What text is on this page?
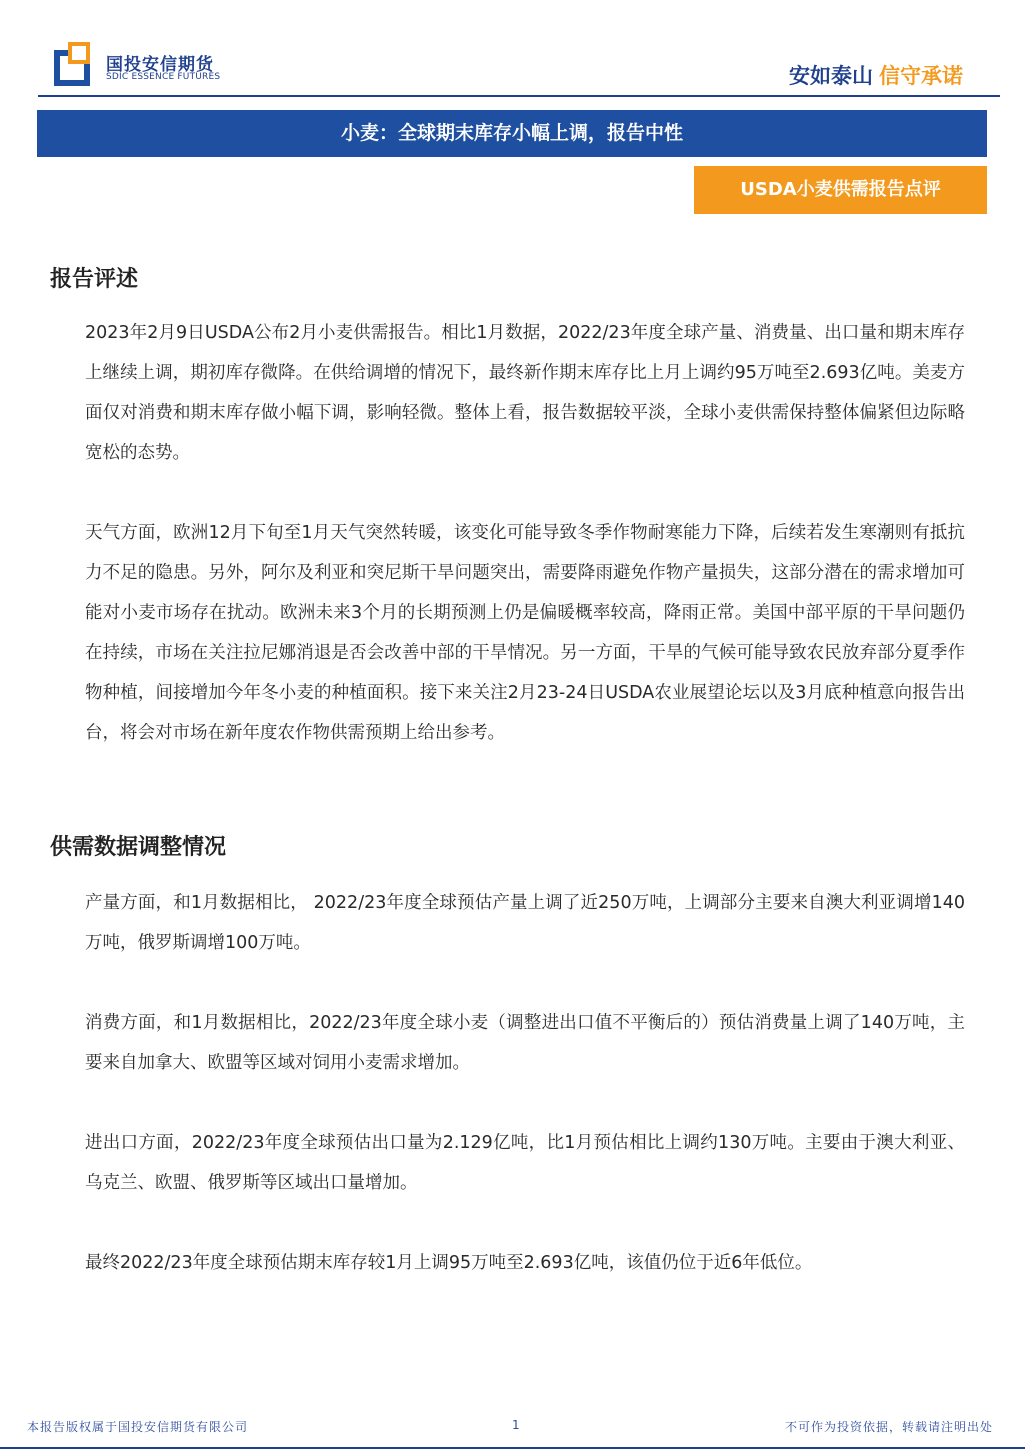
国投安信期货
SDIC ESSENCE FUTURES	安如泰山 信守承诺
小麦：全球期末库存小幅上调，报告中性
USDA小麦供需报告点评
报告评述
2023年2月9日USDA公布2月小麦供需报告。相比1月数据，2022/23年度全球产量、消费量、出口量和期末库存上继续上调，期初库存微降。在供给调增的情况下，最终新作期末库存比上月上调约95万吨至2.693亿吨。美麦方面仅对消费和期末库存做小幅下调，影响轻微。整体上看，报告数据较平淡，全球小麦供需保持整体偏紧但边际略宽松的态势。
天气方面，欧洲12月下旬至1月天气突然转暖，该变化可能导致冬季作物耐寒能力下降，后续若发生寒潮则有抵抗力不足的隐患。另外，阿尔及利亚和突尼斯干旱问题突出，需要降雨避免作物产量损失，这部分潜在的需求增加可能对小麦市场存在扰动。欧洲未来3个月的长期预测上仍是偏暖概率较高，降雨正常。美国中部平原的干旱问题仍在持续，市场在关注拉尼娜消退是否会改善中部的干旱情况。另一方面，干旱的气候可能导致农民放弃部分夏季作物种植，间接增加今年冬小麦的种植面积。接下来关注2月23-24日USDA农业展望论坛以及3月底种植意向报告出台，将会对市场在新年度农作物供需预期上给出参考。
供需数据调整情况
产量方面，和1月数据相比， 2022/23年度全球预估产量上调了近250万吨，上调部分主要来自澳大利亚调增140万吨，俄罗斯调增100万吨。
消费方面，和1月数据相比，2022/23年度全球小麦（调整进出口值不平衡后的）预估消费量上调了140万吨，主要来自加拿大、欧盟等区域对饲用小麦需求增加。
进出口方面，2022/23年度全球预估出口量为2.129亿吨，比1月预估相比上调约130万吨。主要由于澳大利亚、乌克兰、欧盟、俄罗斯等区域出口量增加。
最终2022/23年度全球预估期末库存较1月上调95万吨至2.693亿吨，该值仍位于近6年低位。
本报告版权属于国投安信期货有限公司	1	不可作为投资依据，转载请注明出处
